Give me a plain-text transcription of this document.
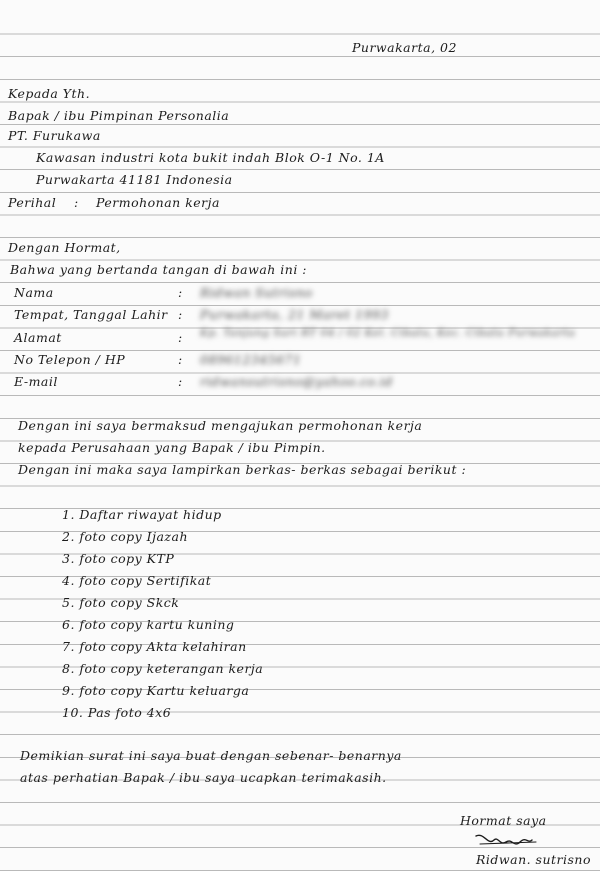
Purwakarta, 02
Kepada Yth.
Bapak / ibu Pimpinan Personalia
PT. Furukawa
Kawasan industri kota bukit indah Blok O-1 No. 1A
Purwakarta 41181 Indonesia
Perihal : Permohonan kerja
Dengan Hormat,
Bahwa yang bertanda tangan di bawah ini :
Nama	: Ridwan Sutrisno
Tempat, Tanggal Lahir : Purwakarta, 21 Maret 1993
Alamat	: Kp. Tanjung Sari RT 04 / 02 Kel. Cibatu, Kec. Cibatu Purwakarta
No Telepon / HP	: 089612345671
E-mail	: ridwansutrisno@yahoo.co.id
Dengan ini saya bermaksud mengajukan permohonan kerja
kepada Perusahaan yang Bapak / ibu Pimpin.
Dengan ini maka saya lampirkan berkas- berkas sebagai berikut :
1. Daftar riwayat hidup
2. foto copy Ijazah
3. foto copy KTP
4. foto copy Sertifikat
5. foto copy Skck
6. foto copy kartu kuning
7. foto copy Akta kelahiran
8. foto copy keterangan kerja
9. foto copy Kartu keluarga
10. Pas foto 4x6
Demikian surat ini saya buat dengan sebenar- benarnya
atas perhatian Bapak / ibu saya ucapkan terimakasih.
Hormat saya
Ridwan. sutrisno
